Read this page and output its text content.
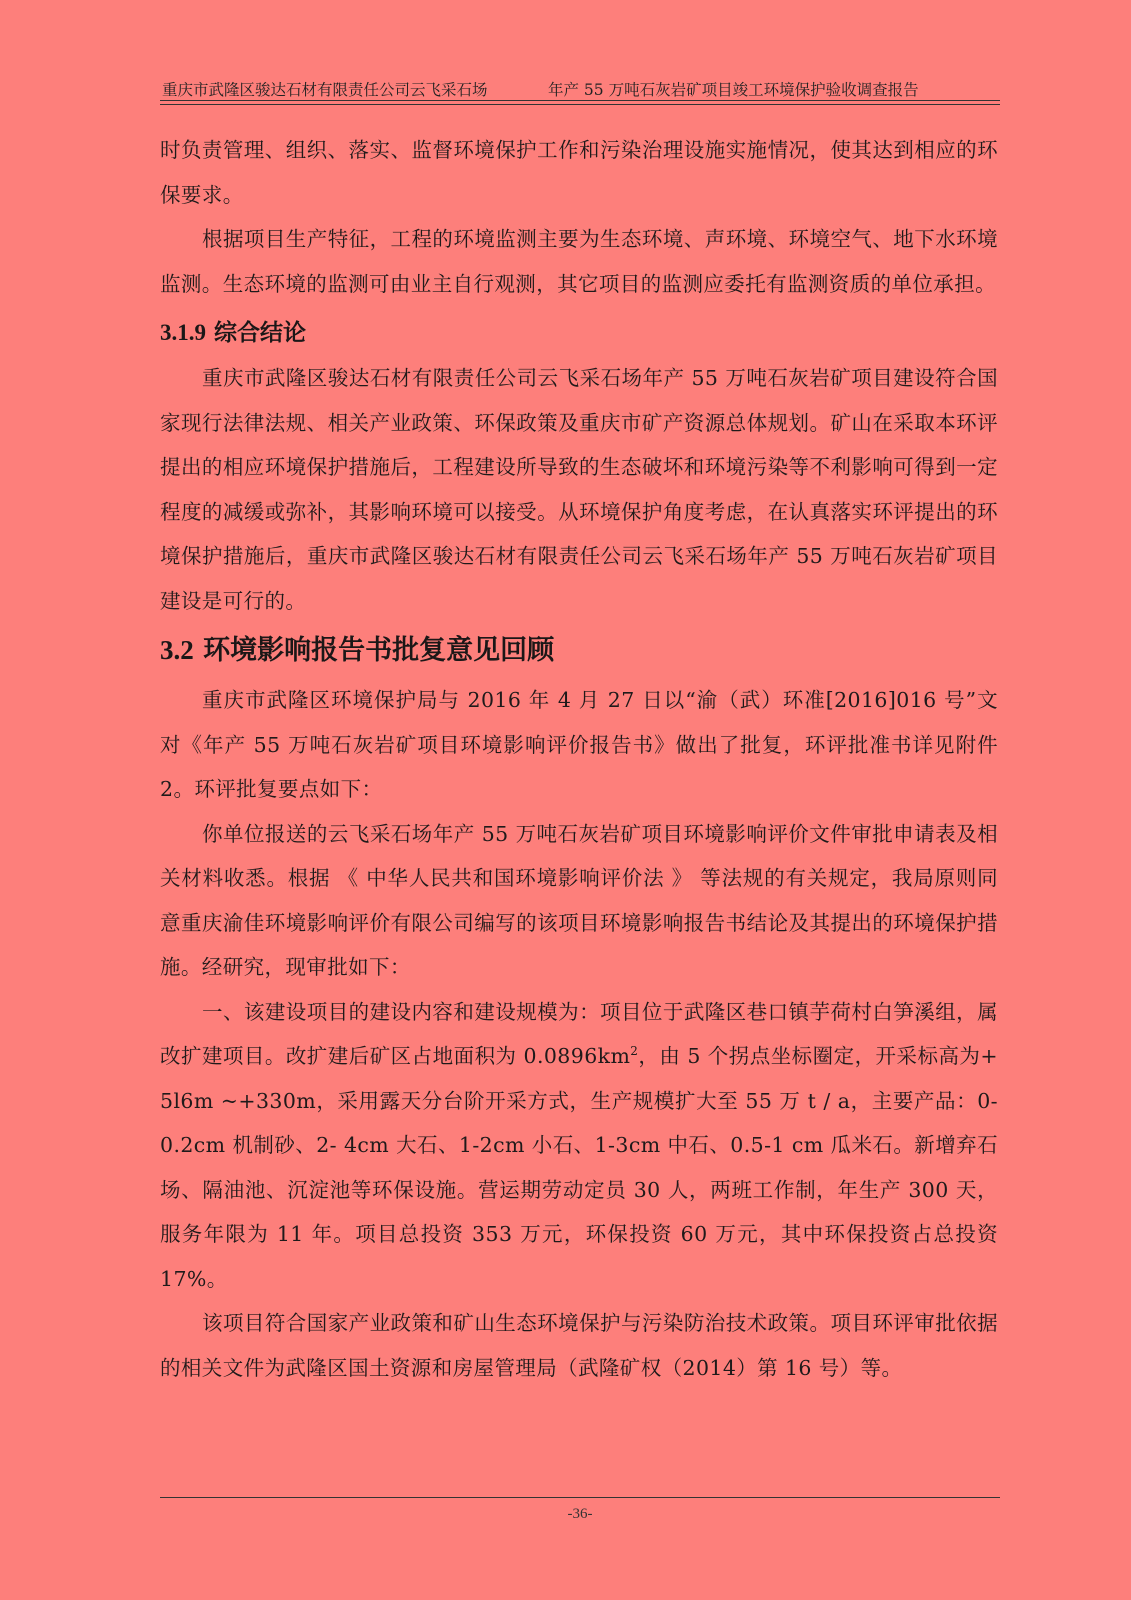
重庆市武隆区骏达石材有限责任公司云飞采石场	年产 55 万吨石灰岩矿项目竣工环境保护验收调查报告

时负责管理、组织、落实、监督环境保护工作和污染治理设施实施情况，使其达到相应的环保要求。

根据项目生产特征，工程的环境监测主要为生态环境、声环境、环境空气、地下水环境监测。生态环境的监测可由业主自行观测，其它项目的监测应委托有监测资质的单位承担。

3.1.9 综合结论

重庆市武隆区骏达石材有限责任公司云飞采石场年产 55 万吨石灰岩矿项目建设符合国家现行法律法规、相关产业政策、环保政策及重庆市矿产资源总体规划。矿山在采取本环评提出的相应环境保护措施后，工程建设所导致的生态破坏和环境污染等不利影响可得到一定程度的减缓或弥补，其影响环境可以接受。从环境保护角度考虑，在认真落实环评提出的环境保护措施后，重庆市武隆区骏达石材有限责任公司云飞采石场年产 55 万吨石灰岩矿项目建设是可行的。

3.2 环境影响报告书批复意见回顾

重庆市武隆区环境保护局与 2016 年 4 月 27 日以“渝（武）环准[2016]016 号”文对《年产 55 万吨石灰岩矿项目环境影响评价报告书》做出了批复，环评批准书详见附件 2。环评批复要点如下：

你单位报送的云飞采石场年产 55 万吨石灰岩矿项目环境影响评价文件审批申请表及相关材料收悉。根据 《 中华人民共和国环境影响评价法 》 等法规的有关规定，我局原则同意重庆渝佳环境影响评价有限公司编写的该项目环境影响报告书结论及其提出的环境保护措施。经研究，现审批如下：

一、该建设项目的建设内容和建设规模为：项目位于武隆区巷口镇芋荷村白笋溪组，属改扩建项目。改扩建后矿区占地面积为 $0.0896km^2$，由 5 个拐点坐标圈定，开采标高为+ 5l6m ~+330m，采用露天分台阶开采方式，生产规模扩大至 55 万 t / a，主要产品：0-0.2cm 机制砂、2- 4cm 大石、1-2cm 小石、1-3cm 中石、0.5-1 cm 瓜米石。新增弃石场、隔油池、沉淀池等环保设施。营运期劳动定员 30 人，两班工作制，年生产 300 天，服务年限为 11 年。项目总投资 353 万元，环保投资 60 万元，其中环保投资占总投资 17%。

该项目符合国家产业政策和矿山生态环境保护与污染防治技术政策。项目环评审批依据的相关文件为武隆区国土资源和房屋管理局（武隆矿权（2014）第 16 号）等。

-36-
